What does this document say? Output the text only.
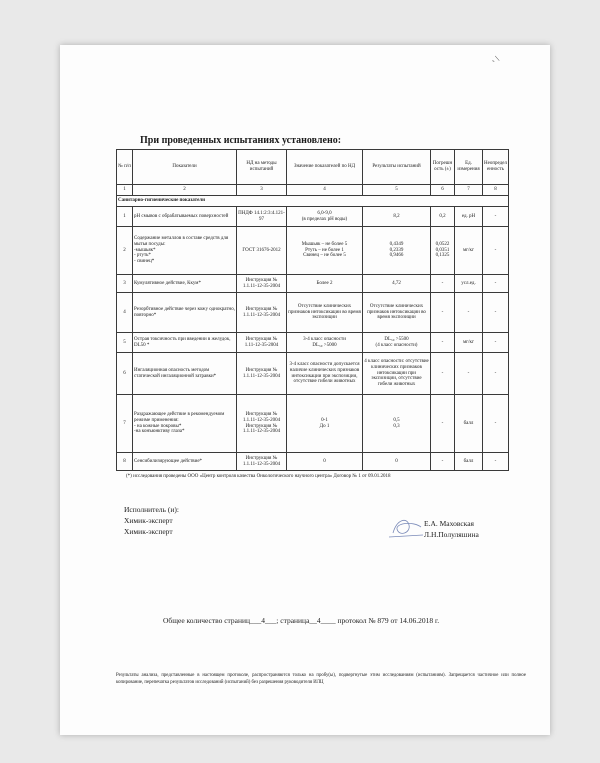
' /
При проведенных испытаниях установлено:
№ п/п	Показатели	НД на методы испытаний	Значение показателей по НД	Результаты испытаний	Погрешность (±)	Ед. измерения	Неопределенность
1	2	3	4	5	6	7	8
Санитарно-гигиенические показатели							
1	рН смывов с обрабатываемых поверхностей	ПНДФ 14.1:2:3:4.121-97	6,0-9,0
(в пределах рН воды)	8,2	0,2	ед. рН	-
2	Содержание металлов в составе средств для мытья посуды:
-мышьяк*
- ртуть*
- свинец*	ГОСТ 31676-2012	Мышьяк – не более 5
Ртуть – не более 1
Свинец – не более 5	0,4349
0,2339
0,9466	0,0522
0,0351
0,1325	мг/кг	-
3	Кумулятивное действие, Ккум*	Инструкция №
1.1.11-12-35-2004	Более 2	4,72	-	усл.ед.	-
4	Резорбтивное действие через кожу однократно, повторно*	Инструкция №
1.1.11-12-35-2004	Отсутствие клинических признаков интоксикации во время экспозиции	Отсутствие клинических признаков интоксикации во время экспозиции	-	-	-
5	Острая токсичность при введении в желудок, DL50 *	Инструкция №
1.11-12-35-2004	3-4 класс опасности
DL₅₀ >5000	DL₅₀ >5500
(4 класс опасности)	-	мг/кг	-
6	Ингаляционная опасность методом статической ингаляционной затравки*	Инструкция №
1.1.11-12-35-2004	3-4 класс опасности допускается наличие клинических признаков интоксикации при экспозиции, отсутствие гибели животных	4 класс опасности: отсутствие клинических признаков интоксикации при экспозиции, отсутствие гибели животных	-	-	-
7	Раздражающее действие в рекомендуемом режиме применения:
- на кожные покровы*
-на конъюнктиву глаза*	Инструкция №
1.1.11-12-35-2004
Инструкция №
1.1.11-12-35-2004	0-1
До 1	0,5
0,3	-	балл	-
8	Сенсибилизирующее действие*	Инструкция №
1.1.11-12-35-2004	0	0	-	балл	-
(*) исследования проведены ООО «Центр контроля качества Онкологического научного центра» Договор № 1 от 09.01.2018
Исполнитель (и):
Химик-эксперт
Химик-эксперт
Е.А. Маховская
Л.Н.Полуляшина
Общее количество страниц___4___; страница__4____ протокол № 879 от 14.06.2018 г.
Результаты анализа, представленные в настоящем протоколе, распространяются только на пробу(ы), подвергнутые этим исследованиям (испытаниям). Запрещается частичное или полное копирование, перепечатка результатов исследований (испытаний) без разрешения руководителя ИЛЦ
